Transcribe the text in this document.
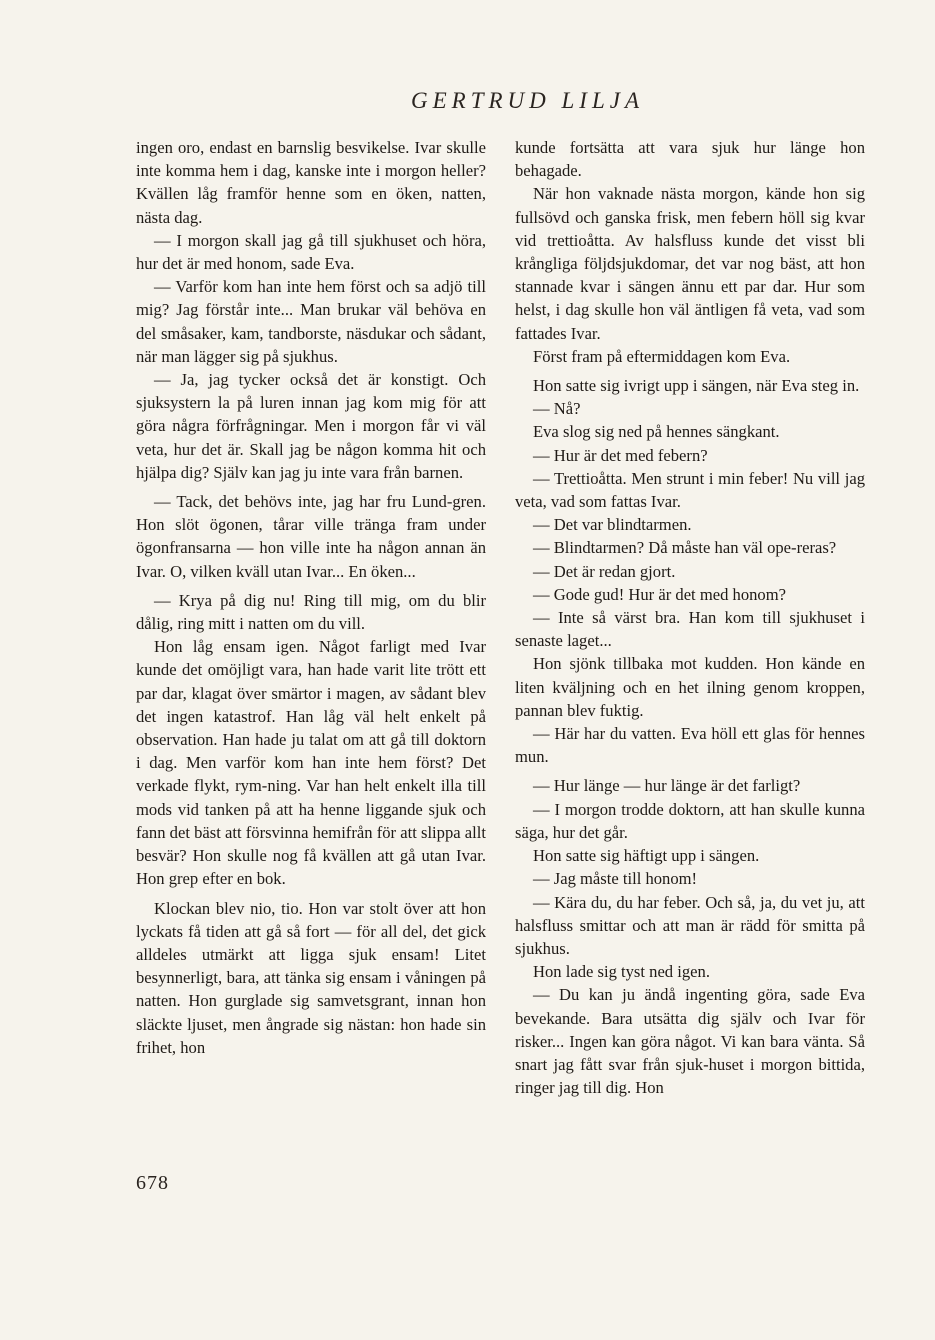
GERTRUD LILJA

ingen oro, endast en barnslig besvikelse. Ivar skulle inte komma hem i dag, kanske inte i morgon heller? Kvällen låg framför henne som en öken, natten, nästa dag.

— I morgon skall jag gå till sjukhuset och höra, hur det är med honom, sade Eva.

— Varför kom han inte hem först och sa adjö till mig? Jag förstår inte... Man brukar väl behöva en del småsaker, kam, tandborste, näsdukar och sådant, när man lägger sig på sjukhus.

— Ja, jag tycker också det är konstigt. Och sjuksystern la på luren innan jag kom mig för att göra några förfrågningar. Men i morgon får vi väl veta, hur det är. Skall jag be någon komma hit och hjälpa dig? Själv kan jag ju inte vara från barnen.

— Tack, det behövs inte, jag har fru Lund-gren. Hon slöt ögonen, tårar ville tränga fram under ögonfransarna — hon ville inte ha någon annan än Ivar. O, vilken kväll utan Ivar... En öken...

— Krya på dig nu! Ring till mig, om du blir dålig, ring mitt i natten om du vill.

Hon låg ensam igen. Något farligt med Ivar kunde det omöjligt vara, han hade varit lite trött ett par dar, klagat över smärtor i magen, av sådant blev det ingen katastrof. Han låg väl helt enkelt på observation. Han hade ju talat om att gå till doktorn i dag. Men varför kom han inte hem först? Det verkade flykt, rym-ning. Var han helt enkelt illa till mods vid tanken på att ha henne liggande sjuk och fann det bäst att försvinna hemifrån för att slippa allt besvär? Hon skulle nog få kvällen att gå utan Ivar. Hon grep efter en bok.

Klockan blev nio, tio. Hon var stolt över att hon lyckats få tiden att gå så fort — för all del, det gick alldeles utmärkt att ligga sjuk ensam! Litet besynnerligt, bara, att tänka sig ensam i våningen på natten. Hon gurglade sig samvetsgrant, innan hon släckte ljuset, men ångrade sig nästan: hon hade sin frihet, hon

kunde fortsätta att vara sjuk hur länge hon behagade.

När hon vaknade nästa morgon, kände hon sig fullsövd och ganska frisk, men febern höll sig kvar vid trettioåtta. Av halsfluss kunde det visst bli krångliga följdsjukdomar, det var nog bäst, att hon stannade kvar i sängen ännu ett par dar. Hur som helst, i dag skulle hon väl äntligen få veta, vad som fattades Ivar.

Först fram på eftermiddagen kom Eva.

Hon satte sig ivrigt upp i sängen, när Eva steg in.

— Nå?

Eva slog sig ned på hennes sängkant.

— Hur är det med febern?

— Trettioåtta. Men strunt i min feber! Nu vill jag veta, vad som fattas Ivar.

— Det var blindtarmen.

— Blindtarmen? Då måste han väl ope-reras?

— Det är redan gjort.

— Gode gud! Hur är det med honom?

— Inte så värst bra. Han kom till sjukhuset i senaste laget...

Hon sjönk tillbaka mot kudden. Hon kände en liten kväljning och en het ilning genom kroppen, pannan blev fuktig.

— Här har du vatten. Eva höll ett glas för hennes mun.

— Hur länge — hur länge är det farligt?

— I morgon trodde doktorn, att han skulle kunna säga, hur det går.

Hon satte sig häftigt upp i sängen.

— Jag måste till honom!

— Kära du, du har feber. Och så, ja, du vet ju, att halsfluss smittar och att man är rädd för smitta på sjukhus.

Hon lade sig tyst ned igen.

— Du kan ju ändå ingenting göra, sade Eva bevekande. Bara utsätta dig själv och Ivar för risker... Ingen kan göra något. Vi kan bara vänta. Så snart jag fått svar från sjuk-huset i morgon bittida, ringer jag till dig. Hon

678
